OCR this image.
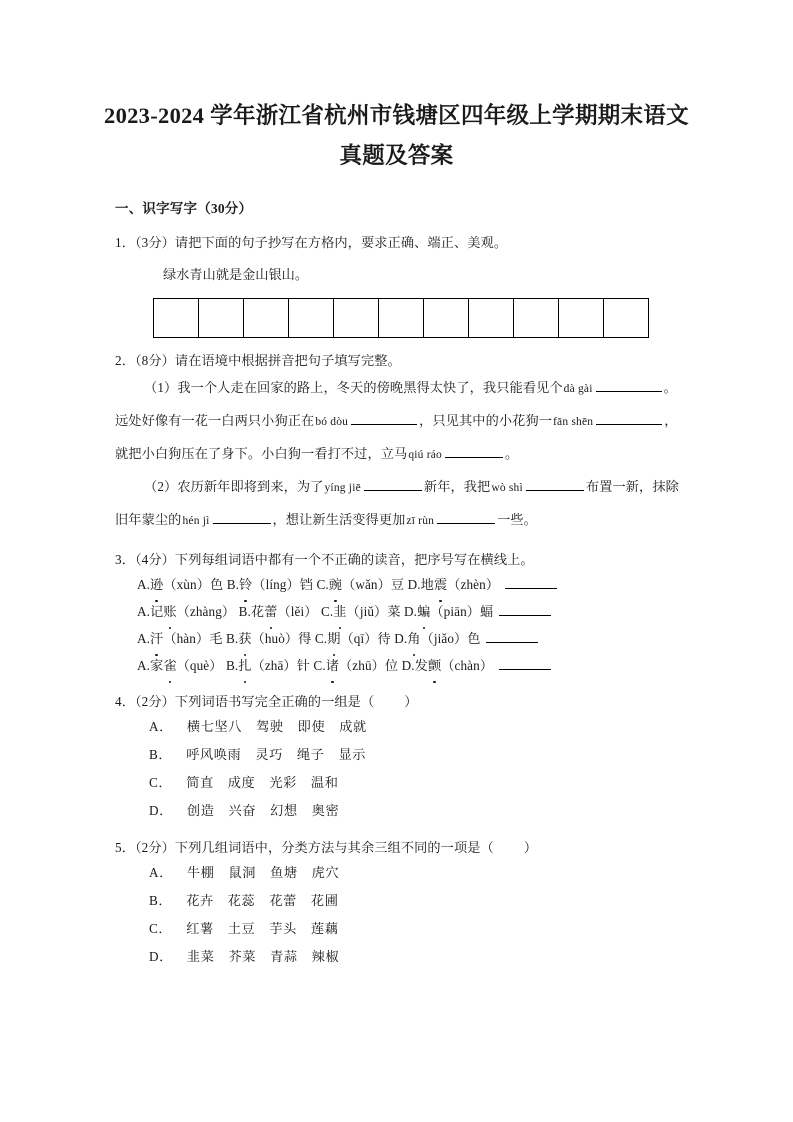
2023-2024 学年浙江省杭州市钱塘区四年级上学期期末语文
真题及答案
一、识字写字（30分）
1．（3分）请把下面的句子抄写在方格内，要求正确、端正、美观。
绿水青山就是金山银山。

2．（8分）请在语境中根据拼音把句子填写完整。
（1）我一个人走在回家的路上，冬天的傍晚黑得太快了，我只能看见个dà gài	。远处好像有一花一白两只小狗正在bó dòu	，只见其中的小花狗一fān shēn	，就把小白狗压在了身下。小白狗一看打不过，立马qiú ráo	。
（2）农历新年即将到来，为了yíng jiē	新年，我把wò shì	布置一新，抹除旧年蒙尘的hén jì	，想让新生活变得更加zī rùn	一些。
3．（4分）下列每组词语中都有一个不正确的读音，把序号写在横线上。
A.逊（xùn）色 B.铃（líng）铛 C.豌（wǎn）豆 D.地震（zhèn）
A.记账（zhàng） B.花蕾（lěi） C.韭（jiǔ）菜 D.蝙（piān）蝠
A.汗（hàn）毛 B.获（huò）得 C.期（qī）待 D.角（jiǎo）色
A.家雀（què） B.扎（zhā）针 C.诸（zhū）位 D.发颤（chàn）
4．（2分）下列词语书写完全正确的一组是（ ）
A． 横七坚八 驾驶 即使 成就
B． 呼风唤雨 灵巧 绳子 显示
C． 简直 成度 光彩 温和
D． 创造 兴奋 幻想 奥密
5．（2分）下列几组词语中，分类方法与其余三组不同的一项是（ ）
A． 牛棚 鼠洞 鱼塘 虎穴
B． 花卉 花蕊 花蕾 花圃
C． 红薯 土豆 芋头 莲藕
D． 韭菜 芥菜 青蒜 辣椒
